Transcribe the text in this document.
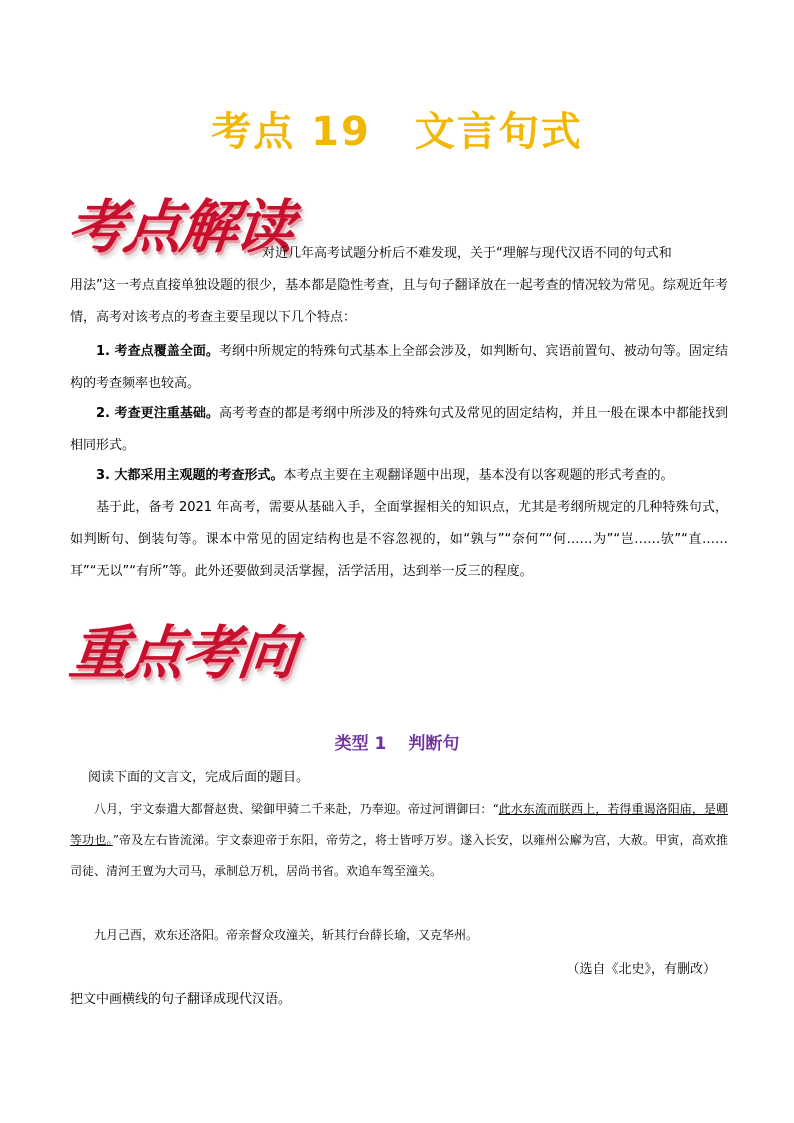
考点 19 文言句式
考点解读
对近几年高考试题分析后不难发现，关于“理解与现代汉语不同的句式和
用法”这一考点直接单独设题的很少，基本都是隐性考查，且与句子翻译放在一起考查的情况较为常见。综观近年考情，高考对该考点的考查主要呈现以下几个特点：
1. 考查点覆盖全面。考纲中所规定的特殊句式基本上全部会涉及，如判断句、宾语前置句、被动句等。固定结构的考查频率也较高。
2. 考查更注重基础。高考考查的都是考纲中所涉及的特殊句式及常见的固定结构，并且一般在课本中都能找到相同形式。
3. 大都采用主观题的考查形式。本考点主要在主观翻译题中出现，基本没有以客观题的形式考查的。
基于此，备考 2021 年高考，需要从基础入手，全面掌握相关的知识点，尤其是考纲所规定的几种特殊句式，如判断句、倒装句等。课本中常见的固定结构也是不容忽视的，如“孰与”“奈何”“何……为”“岂……欤”“直……耳”“无以”“有所”等。此外还要做到灵活掌握，活学活用，达到举一反三的程度。
重点考向
类型 1 判断句
阅读下面的文言文，完成后面的题目。
八月，宇文泰遣大都督赵贵、梁御甲骑二千来赴，乃奉迎。帝过河谓御曰：“此水东流而朕西上，若得重谒洛阳庙，是卿等功也。”帝及左右皆流涕。宇文泰迎帝于东阳，帝劳之，将士皆呼万岁。遂入长安，以雍州公廨为宫，大赦。甲寅，高欢推司徒、清河王亶为大司马，承制总万机，居尚书省。欢追车驾至潼关。
九月己酉，欢东还洛阳。帝亲督众攻潼关，斩其行台薛长瑜，又克华州。
（选自《北史》，有删改）
把文中画横线的句子翻译成现代汉语。
